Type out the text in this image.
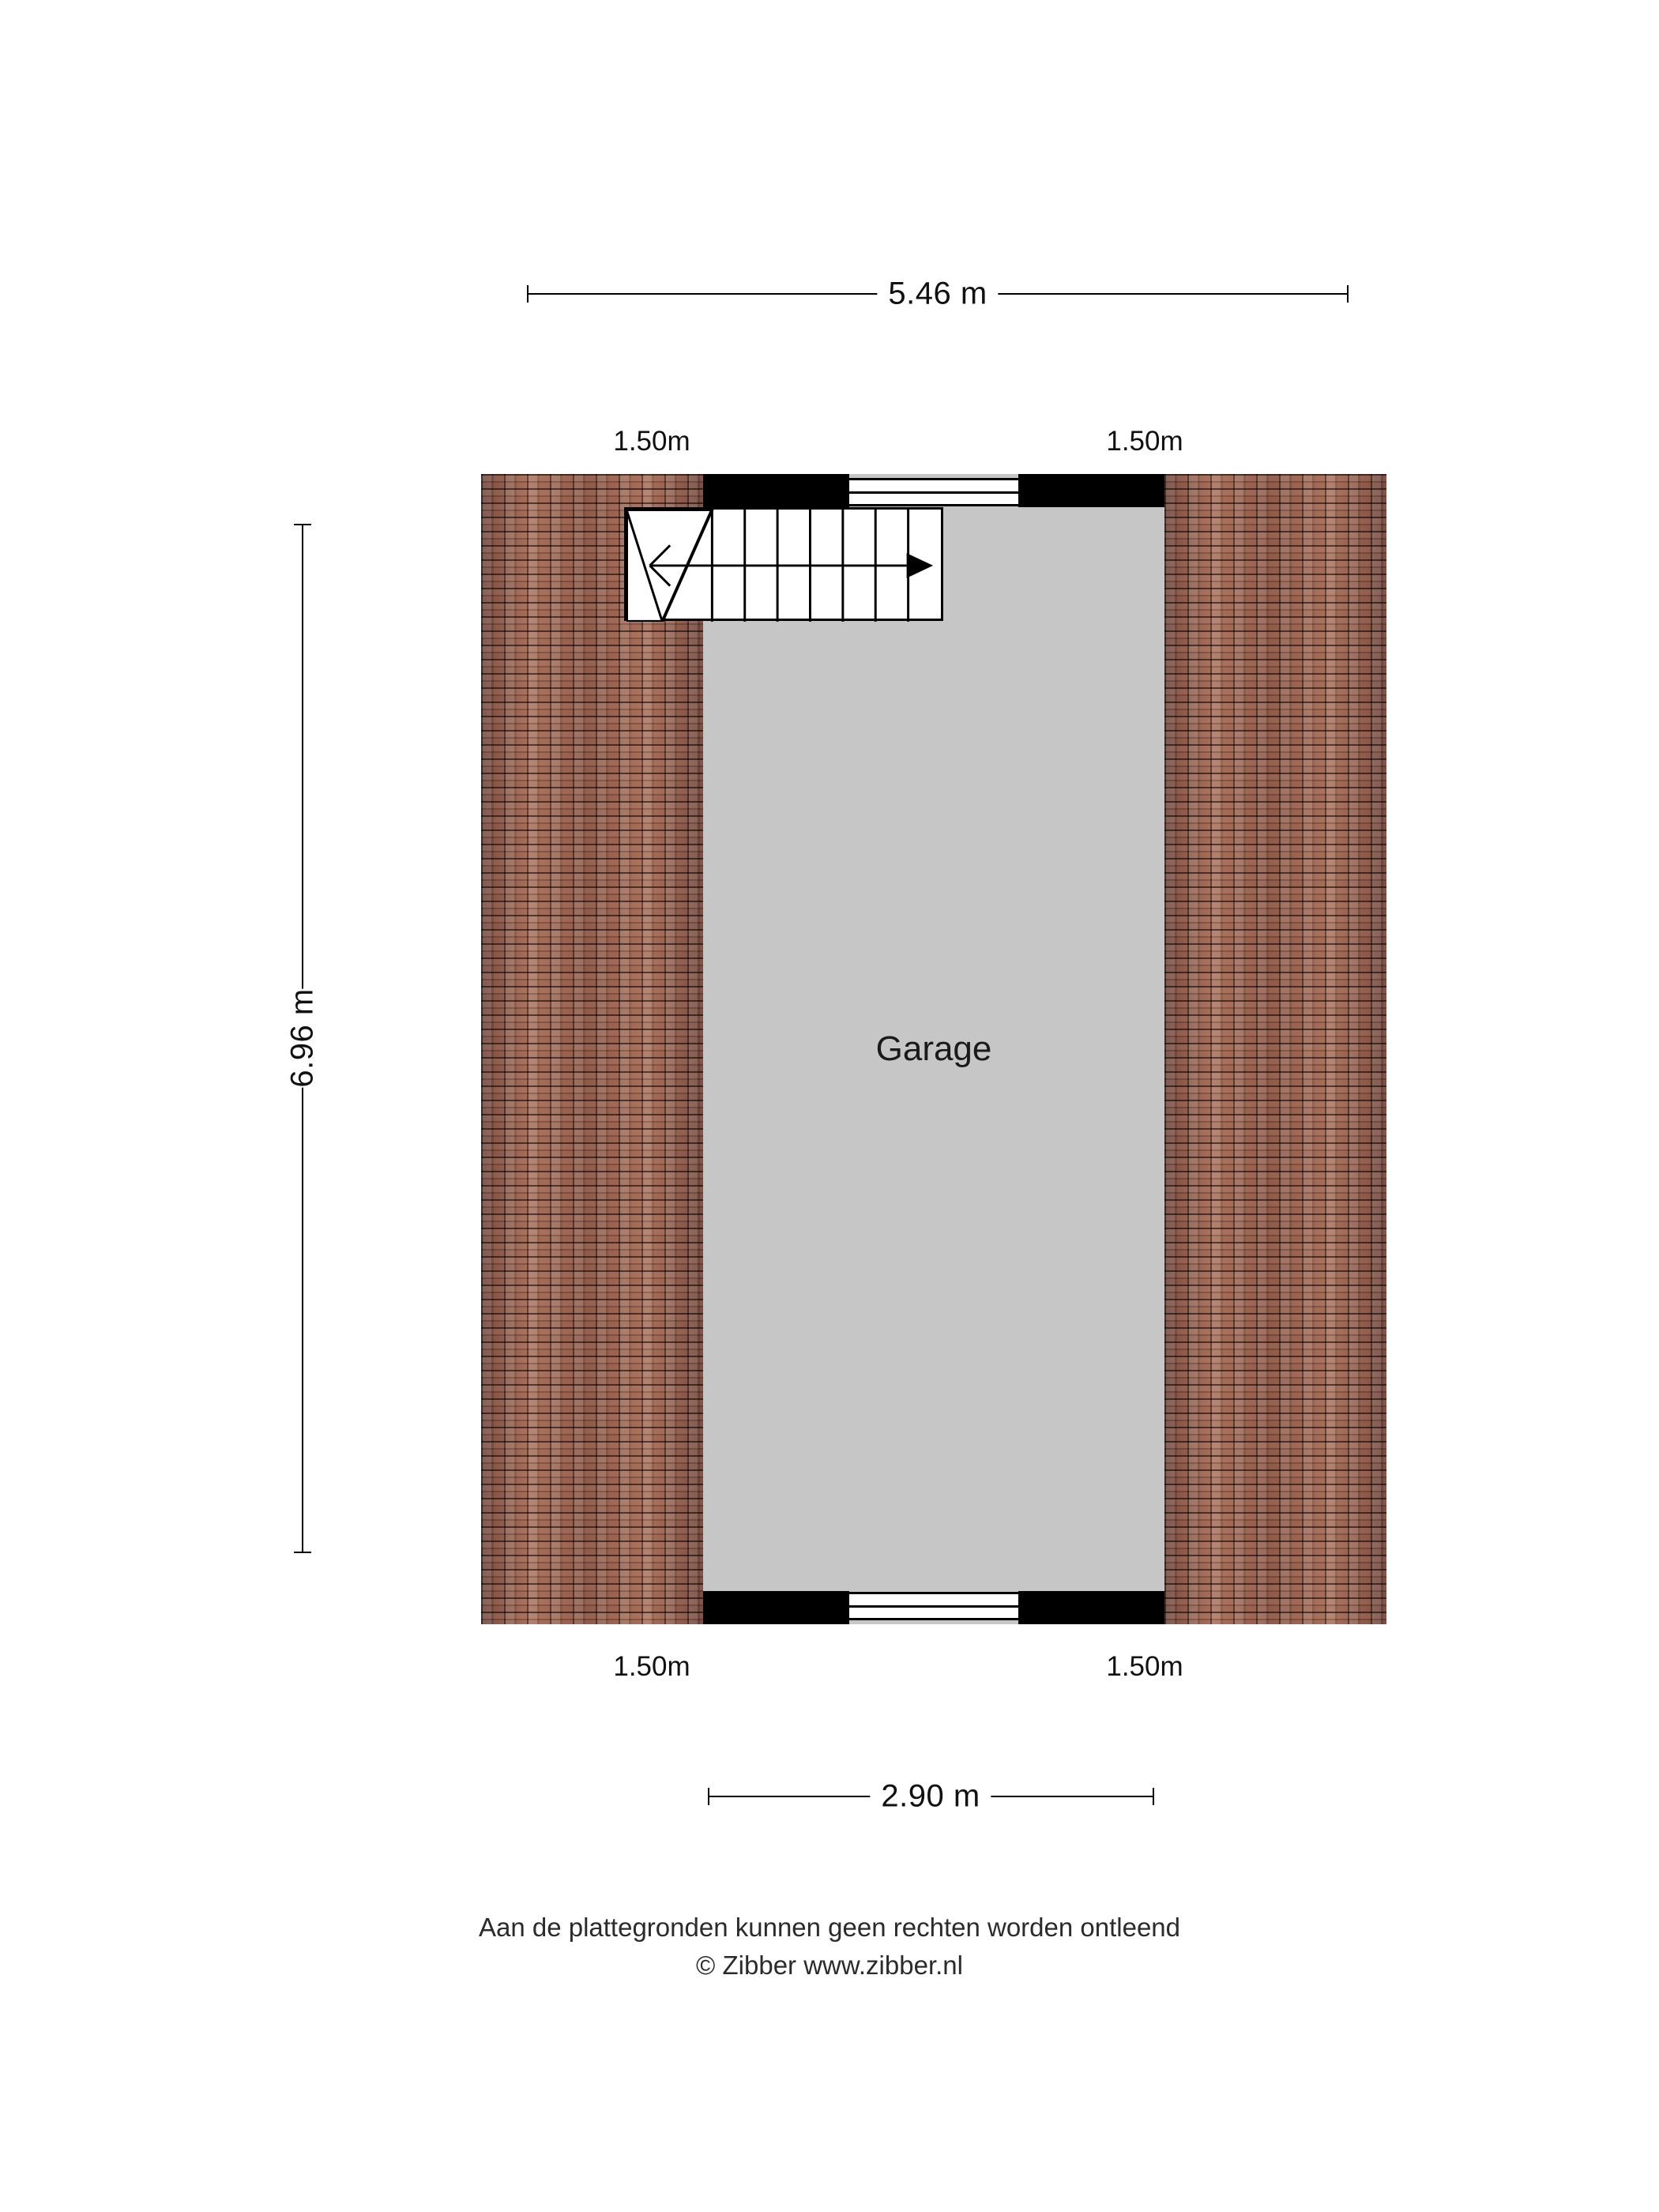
5.46 m
6.96 m
1.50m	1.50m
Garage
1.50m	1.50m
2.90 m
Aan de plattegronden kunnen geen rechten worden ontleend
© Zibber www.zibber.nl
